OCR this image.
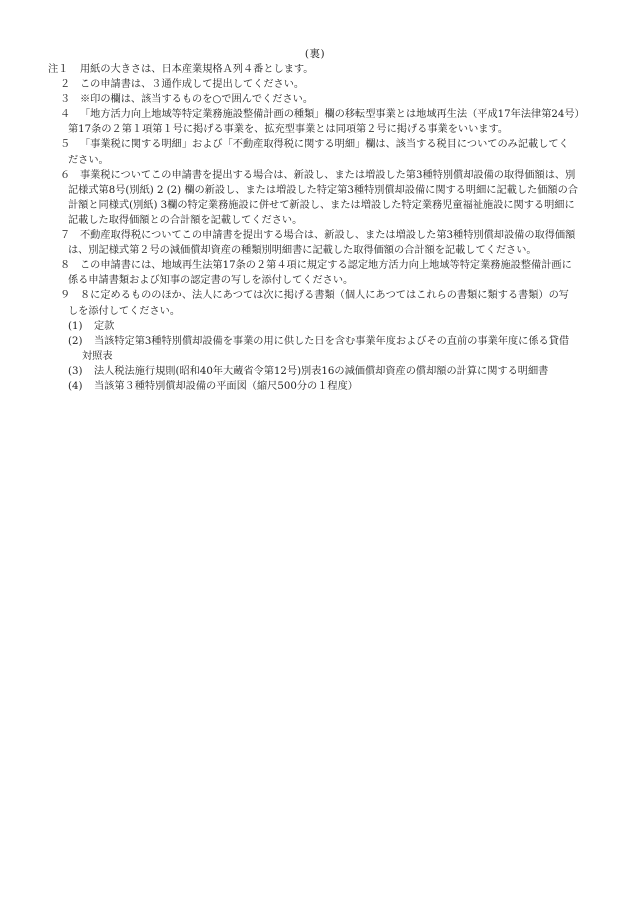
(裏)
注１	用紙の大きさは、日本産業規格Ａ列４番とします。
２ この申請書は、３通作成して提出してください。
３ ※印の欄は、該当するものを○で囲んでください。
４ 「地方活力向上地域等特定業務施設整備計画の種類」欄の移転型事業とは地域再生法（平成17年法律第24号）
第17条の２第１項第１号に掲げる事業を、拡充型事業とは同項第２号に掲げる事業をいいます。
５ 「事業税に関する明細」および「不動産取得税に関する明細」欄は、該当する税目についてのみ記載してく
ださい。
６ 事業税についてこの申請書を提出する場合は、新設し、または増設した第3種特別償却設備の取得価額は、別
記様式第8号(別紙) 2 (2) 欄の新設し、または増設した特定第3種特別償却設備に関する明細に記載した価額の合
計額と同様式(別紙) 3欄の特定業務施設に併せて新設し、または増設した特定業務児童福祉施設に関する明細に
記載した取得価額との合計額を記載してください。
７ 不動産取得税についてこの申請書を提出する場合は、新設し、または増設した第3種特別償却設備の取得価額
は、別記様式第２号の減価償却資産の種類別明細書に記載した取得価額の合計額を記載してください。
８ この申請書には、地域再生法第17条の２第４項に規定する認定地方活力向上地域等特定業務施設整備計画に
係る申請書類および知事の認定書の写しを添付してください。
９ ８に定めるもののほか、法人にあつては次に掲げる書類（個人にあつてはこれらの書類に類する書類）の写
しを添付してください。
(1)	定款
(2)	当該特定第3種特別償却設備を事業の用に供した日を含む事業年度およびその直前の事業年度に係る貸借
対照表
(3)	法人税法施行規則(昭和40年大蔵省令第12号)別表16の減価償却資産の償却額の計算に関する明細書
(4)	当該第３種特別償却設備の平面図（縮尺500分の１程度）
